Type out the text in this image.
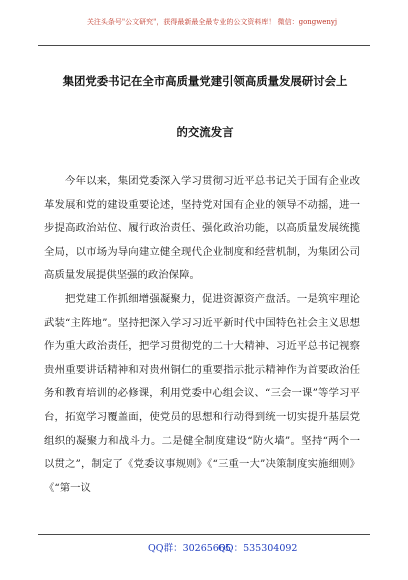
关注头条号"公文研究"，获得最新最全最专业的公文资料库！ 微信：gongwenyj
集团党委书记在全市高质量党建引领高质量发展研讨会上
的交流发言

今年以来，集团党委深入学习贯彻习近平总书记关于国有企业改革发展和党的建设重要论述，坚持党对国有企业的领导不动摇，进一步提高政治站位、履行政治责任、强化政治功能，以高质量发展统揽全局，以市场为导向建立健全现代企业制度和经营机制，为集团公司高质量发展提供坚强的政治保障。

把党建工作抓细增强凝聚力，促进资源资产盘活。一是筑牢理论武装“主阵地”。坚持把深入学习习近平新时代中国特色社会主义思想作为重大政治责任，把学习贯彻党的二十大精神、习近平总书记视察贵州重要讲话精神和对贵州铜仁的重要指示批示精神作为首要政治任务和教育培训的必修课，利用党委中心组会议、“三会一课”等学习平台，拓宽学习覆盖面，使党员的思想和行动得到统一切实提升基层党组织的凝聚力和战斗力。二是健全制度建设“防火墙”。坚持“两个一以贯之”，制定了《党委议事规则》《“三重一大”决策制度实施细则》《“第一议

QQ群：30265665
QQ：535304092
